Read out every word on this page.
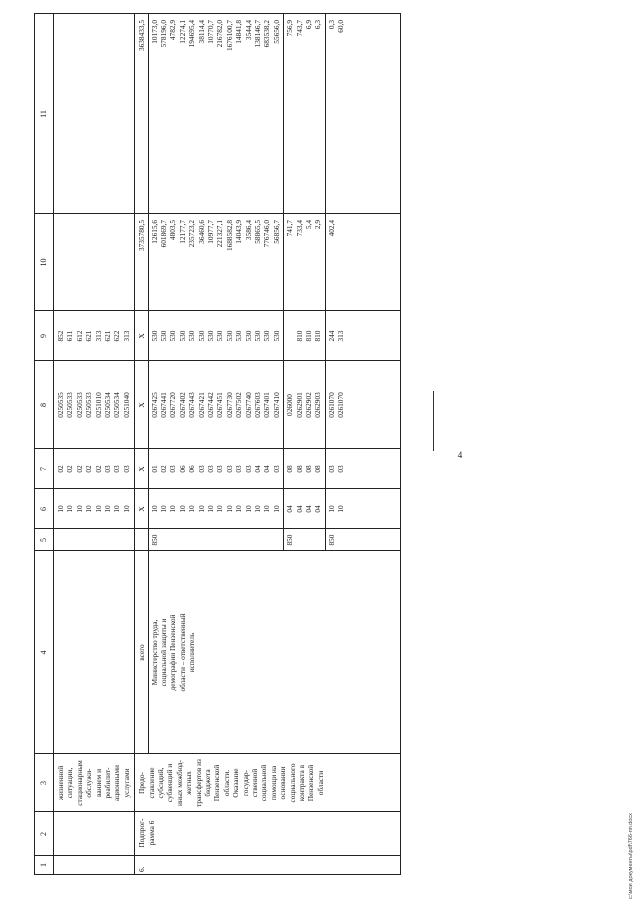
4
1
2
3
4
5
6
7
8
9
10
11
жизненной ситуации, стационарным обслужи- ванием и реабилит- ационными услугами
10
02
0250535
852
10
02
0250533
611
10
02
0250533
612
10
02
0250533
621
10
02
0251010
313
10
03
0250534
621
10
03
0250534
622
10
03
0251040
313
6.
Подпрог- рамма 6
Предо- ставление субсидий, субвенций и иных межбюд- жетных трансфертов из бюджета Пензенской области. Оказание государ- ственной социальной помощи на основании социального контракта в Пензенской области
всего
X
X
X
X
3735780,5
3638433,5
Министерство труда, социальной защиты и демографии Пензенской области – ответственный исполнитель
850
10
01
0267425
530
12615,6
10173,0
10
02
0267441
530
601869,7
578196,0
10
03
0267720
530
4803,5
4782,9
10
06
0267402
530
12177,7
12274,1
10
06
0267443
530
235723,2
194695,4
10
03
0267421
530
36460,6
38114,4
10
03
0267442
530
10977,7
10770,7
10
03
0267451
530
221327,1
216782,0
10
03
0267730
530
1688582,8
1676100,7
10
03
0267502
530
14043,9
14841,8
10
03
0267740
530
3586,4
3544,4
10
04
0267603
530
58865,5
138146,7
10
04
0267401
530
776746,0
683538,2
10
03
0267410
530
56856,7
55656,0
850
04
08
026000
741,7
756,9
04
08
0262901
810
733,4
743,7
04
08
0262902
810
5,4
6,9
04
08
0262903
810
2,9
6,3
850
10
03
0261070
244
402,4
0,3
10
03
0261070
313
60,0
c:\мои документы\pdf\766-пп.docx
